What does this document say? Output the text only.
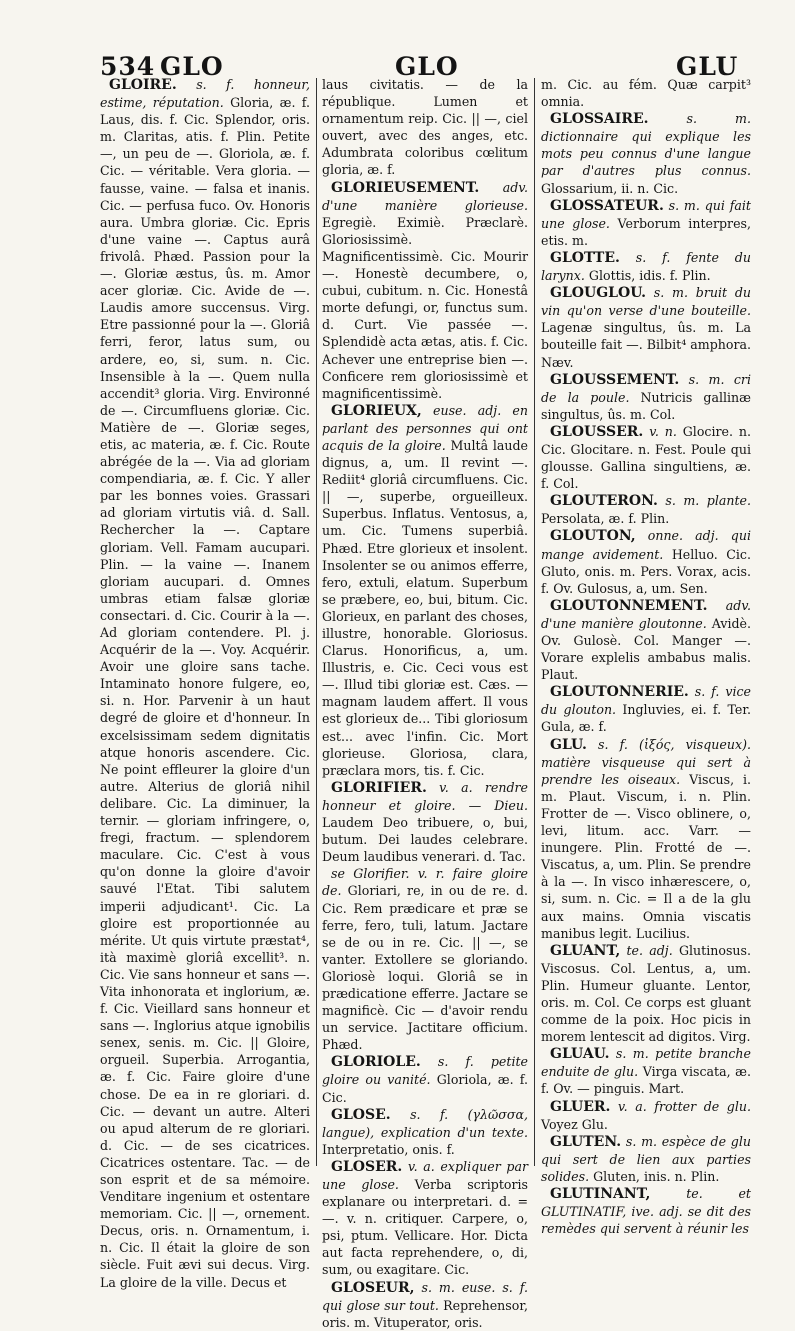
534 GLO	GLO	GLU

GLOIRE. s. f. honneur, estime, réputation. Gloria, æ. f. Laus, dis. f. Cic. Splendor, oris. m. Claritas, atis. f. Plin. Petite —, un peu de —. Gloriola, æ. f. Cic. — véritable. Vera gloria. — fausse, vaine. — falsa et inanis. Cic. — perfusa fuco. Ov. Honoris aura. Umbra gloriæ. Cic. Epris d'une vaine —. Captus aurâ frivolâ. Phæd. Passion pour la —. Gloriæ æstus, ûs. m. Amor acer gloriæ. Cic. Avide de —. Laudis amore succensus. Virg. Etre passionné pour la —. Gloriâ ferri, feror, latus sum, ou ardere, eo, si, sum. n. Cic. Insensible à la —. Quem nulla accendit³ gloria. Virg. Environné de —. Circumfluens gloriæ. Cic. Matière de —. Gloriæ seges, etis, ac materia, æ. f. Cic. Route abrégée de la —. Via ad gloriam compendiaria, æ. f. Cic. Y aller par les bonnes voies. Grassari ad gloriam virtutis viâ. d. Sall. Rechercher la —. Captare gloriam. Vell. Famam aucupari. Plin. — la vaine —. Inanem gloriam aucupari. d. Omnes umbras etiam falsæ gloriæ consectari. d. Cic. Courir à la —. Ad gloriam contendere. Pl. j. Acquérir de la —. Voy. Acquérir. Avoir une gloire sans tache. Intaminato honore fulgere, eo, si. n. Hor. Parvenir à un haut degré de gloire et d'honneur. In excelsissimam sedem dignitatis atque honoris ascendere. Cic. Ne point effleurer la gloire d'un autre. Alterius de gloriâ nihil delibare. Cic. La diminuer, la ternir. — gloriam infringere, o, fregi, fractum. — splendorem maculare. Cic. C'est à vous qu'on donne la gloire d'avoir sauvé l'Etat. Tibi salutem imperii adjudicant¹. Cic. La gloire est proportionnée au mérite. Ut quis virtute præstat⁴, ità maximè gloriâ excellit³. n. Cic. Vie sans honneur et sans —. Vita inhonorata et inglorium, æ. f. Cic. Vieillard sans honneur et sans —. Inglorius atque ignobilis senex, senis. m. Cic. || Gloire, orgueil. Superbia. Arrogantia, æ. f. Cic. Faire gloire d'une chose. De ea in re gloriari. d. Cic. — devant un autre. Alteri ou apud alterum de re gloriari. d. Cic. — de ses cicatrices. Cicatrices ostentare. Tac. — de son esprit et de sa mémoire. Venditare ingenium et ostentare memoriam. Cic. || —, ornement. Decus, oris. n. Ornamentum, i. n. Cic. Il était la gloire de son siècle. Fuit ævi sui decus. Virg. La gloire de la ville. Decus et

laus civitatis. — de la république. Lumen et ornamentum reip. Cic. || —, ciel ouvert, avec des anges, etc. Adumbrata coloribus cœlitum gloria, æ. f.

GLORIEUSEMENT. adv. d'une manière glorieuse. Egregiè. Eximiè. Præclarè. Gloriosissimè. Magnificentissimè. Cic. Mourir —. Honestè decumbere, o, cubui, cubitum. n. Cic. Honestâ morte defungi, or, functus sum. d. Curt. Vie passée —. Splendidè acta ætas, atis. f. Cic. Achever une entreprise bien —. Conficere rem gloriosissimè et magnificentissimè.

GLORIEUX, euse. adj. en parlant des personnes qui ont acquis de la gloire. Multâ laude dignus, a, um. Il revint —. Rediit⁴ gloriâ circumfluens. Cic. || —, superbe, orgueilleux. Superbus. Inflatus. Ventosus, a, um. Cic. Tumens superbiâ. Phæd. Etre glorieux et insolent. Insolenter se ou animos efferre, fero, extuli, elatum. Superbum se præbere, eo, bui, bitum. Cic. Glorieux, en parlant des choses, illustre, honorable. Gloriosus. Clarus. Honorificus, a, um. Illustris, e. Cic. Ceci vous est —. Illud tibi gloriæ est. Cæs. — magnam laudem affert. Il vous est glorieux de... Tibi gloriosum est... avec l'infin. Cic. Mort glorieuse. Gloriosa, clara, præclara mors, tis. f. Cic.

GLORIFIER. v. a. rendre honneur et gloire. — Dieu. Laudem Deo tribuere, o, bui, butum. Dei laudes celebrare. Deum laudibus venerari. d. Tac.

se Glorifier. v. r. faire gloire de. Gloriari, re, in ou de re. d. Cic. Rem prædicare et præ se ferre, fero, tuli, latum. Jactare se de ou in re. Cic. || —, se vanter. Extollere se gloriando. Gloriosè loqui. Gloriâ se in prædicatione efferre. Jactare se magnificè. Cic — d'avoir rendu un service. Jactitare officium. Phæd.

GLORIOLE. s. f. petite gloire ou vanité. Gloriola, æ. f. Cic.

GLOSE. s. f. (γλῶσσα, langue), explication d'un texte. Interpretatio, onis. f.

GLOSER. v. a. expliquer par une glose. Verba scriptoris explanare ou interpretari. d. = —. v. n. critiquer. Carpere, o, psi, ptum. Vellicare. Hor. Dicta aut facta reprehendere, o, di, sum, ou exagitare. Cic.

GLOSEUR, s. m. euse. s. f. qui glose sur tout. Reprehensor, oris. m. Vituperator, oris.

m. Cic. au fém. Quæ carpit³ omnia.

GLOSSAIRE.	s. m. dictionnaire qui explique les mots peu connus d'une langue par d'autres plus connus. Glossarium, ii. n. Cic.

GLOSSATEUR. s. m. qui fait une glose. Verborum interpres, etis. m.

GLOTTE. s. f. fente du larynx. Glottis, idis. f. Plin.

GLOUGLOU. s. m. bruit du vin qu'on verse d'une bouteille. Lagenæ singultus, ûs. m. La bouteille fait —. Bilbit⁴ amphora. Næv.

GLOUSSEMENT. s. m. cri de la poule. Nutricis gallinæ singultus, ûs. m. Col.

GLOUSSER. v. n. Glocire. n. Cic. Glocitare. n. Fest. Poule qui glousse. Gallina singultiens, æ. f. Col.

GLOUTERON. s. m. plante. Persolata, æ. f. Plin.

GLOUTON, onne. adj. qui mange avidement. Helluo. Cic. Gluto, onis. m. Pers. Vorax, acis. f. Ov. Gulosus, a, um. Sen.

GLOUTONNEMENT. adv. d'une manière gloutonne. Avidè. Ov. Gulosè. Col. Manger —. Vorare explelis ambabus malis. Plaut.

GLOUTONNERIE. s. f. vice du glouton. Ingluvies, ei. f. Ter. Gula, æ. f.

GLU. s. f. (ἰξός, visqueux). matière visqueuse qui sert à prendre les oiseaux. Viscus, i. m. Plaut. Viscum, i. n. Plin. Frotter de —. Visco oblinere, o, levi, litum. acc. Varr. — inungere. Plin. Frotté de —. Viscatus, a, um. Plin. Se prendre à la —. In visco inhærescere, o, si, sum. n. Cic. = Il a de la glu aux mains. Omnia viscatis manibus legit. Lucilius.

GLUANT, te. adj. Glutinosus. Viscosus. Col. Lentus, a, um. Plin. Humeur gluante. Lentor, oris. m. Col. Ce corps est gluant comme de la poix. Hoc picis in morem lentescit ad digitos. Virg.

GLUAU. s. m. petite branche enduite de glu. Virga viscata, æ. f. Ov. — pinguis. Mart.

GLUER. v. a. frotter de glu. Voyez Glu.

GLUTEN. s. m. espèce de glu qui sert de lien aux parties solides. Gluten, inis. n. Plin.

GLUTINANT,	te. et GLUTINATIF, ive. adj. se dit des remèdes qui servent à réunir les
